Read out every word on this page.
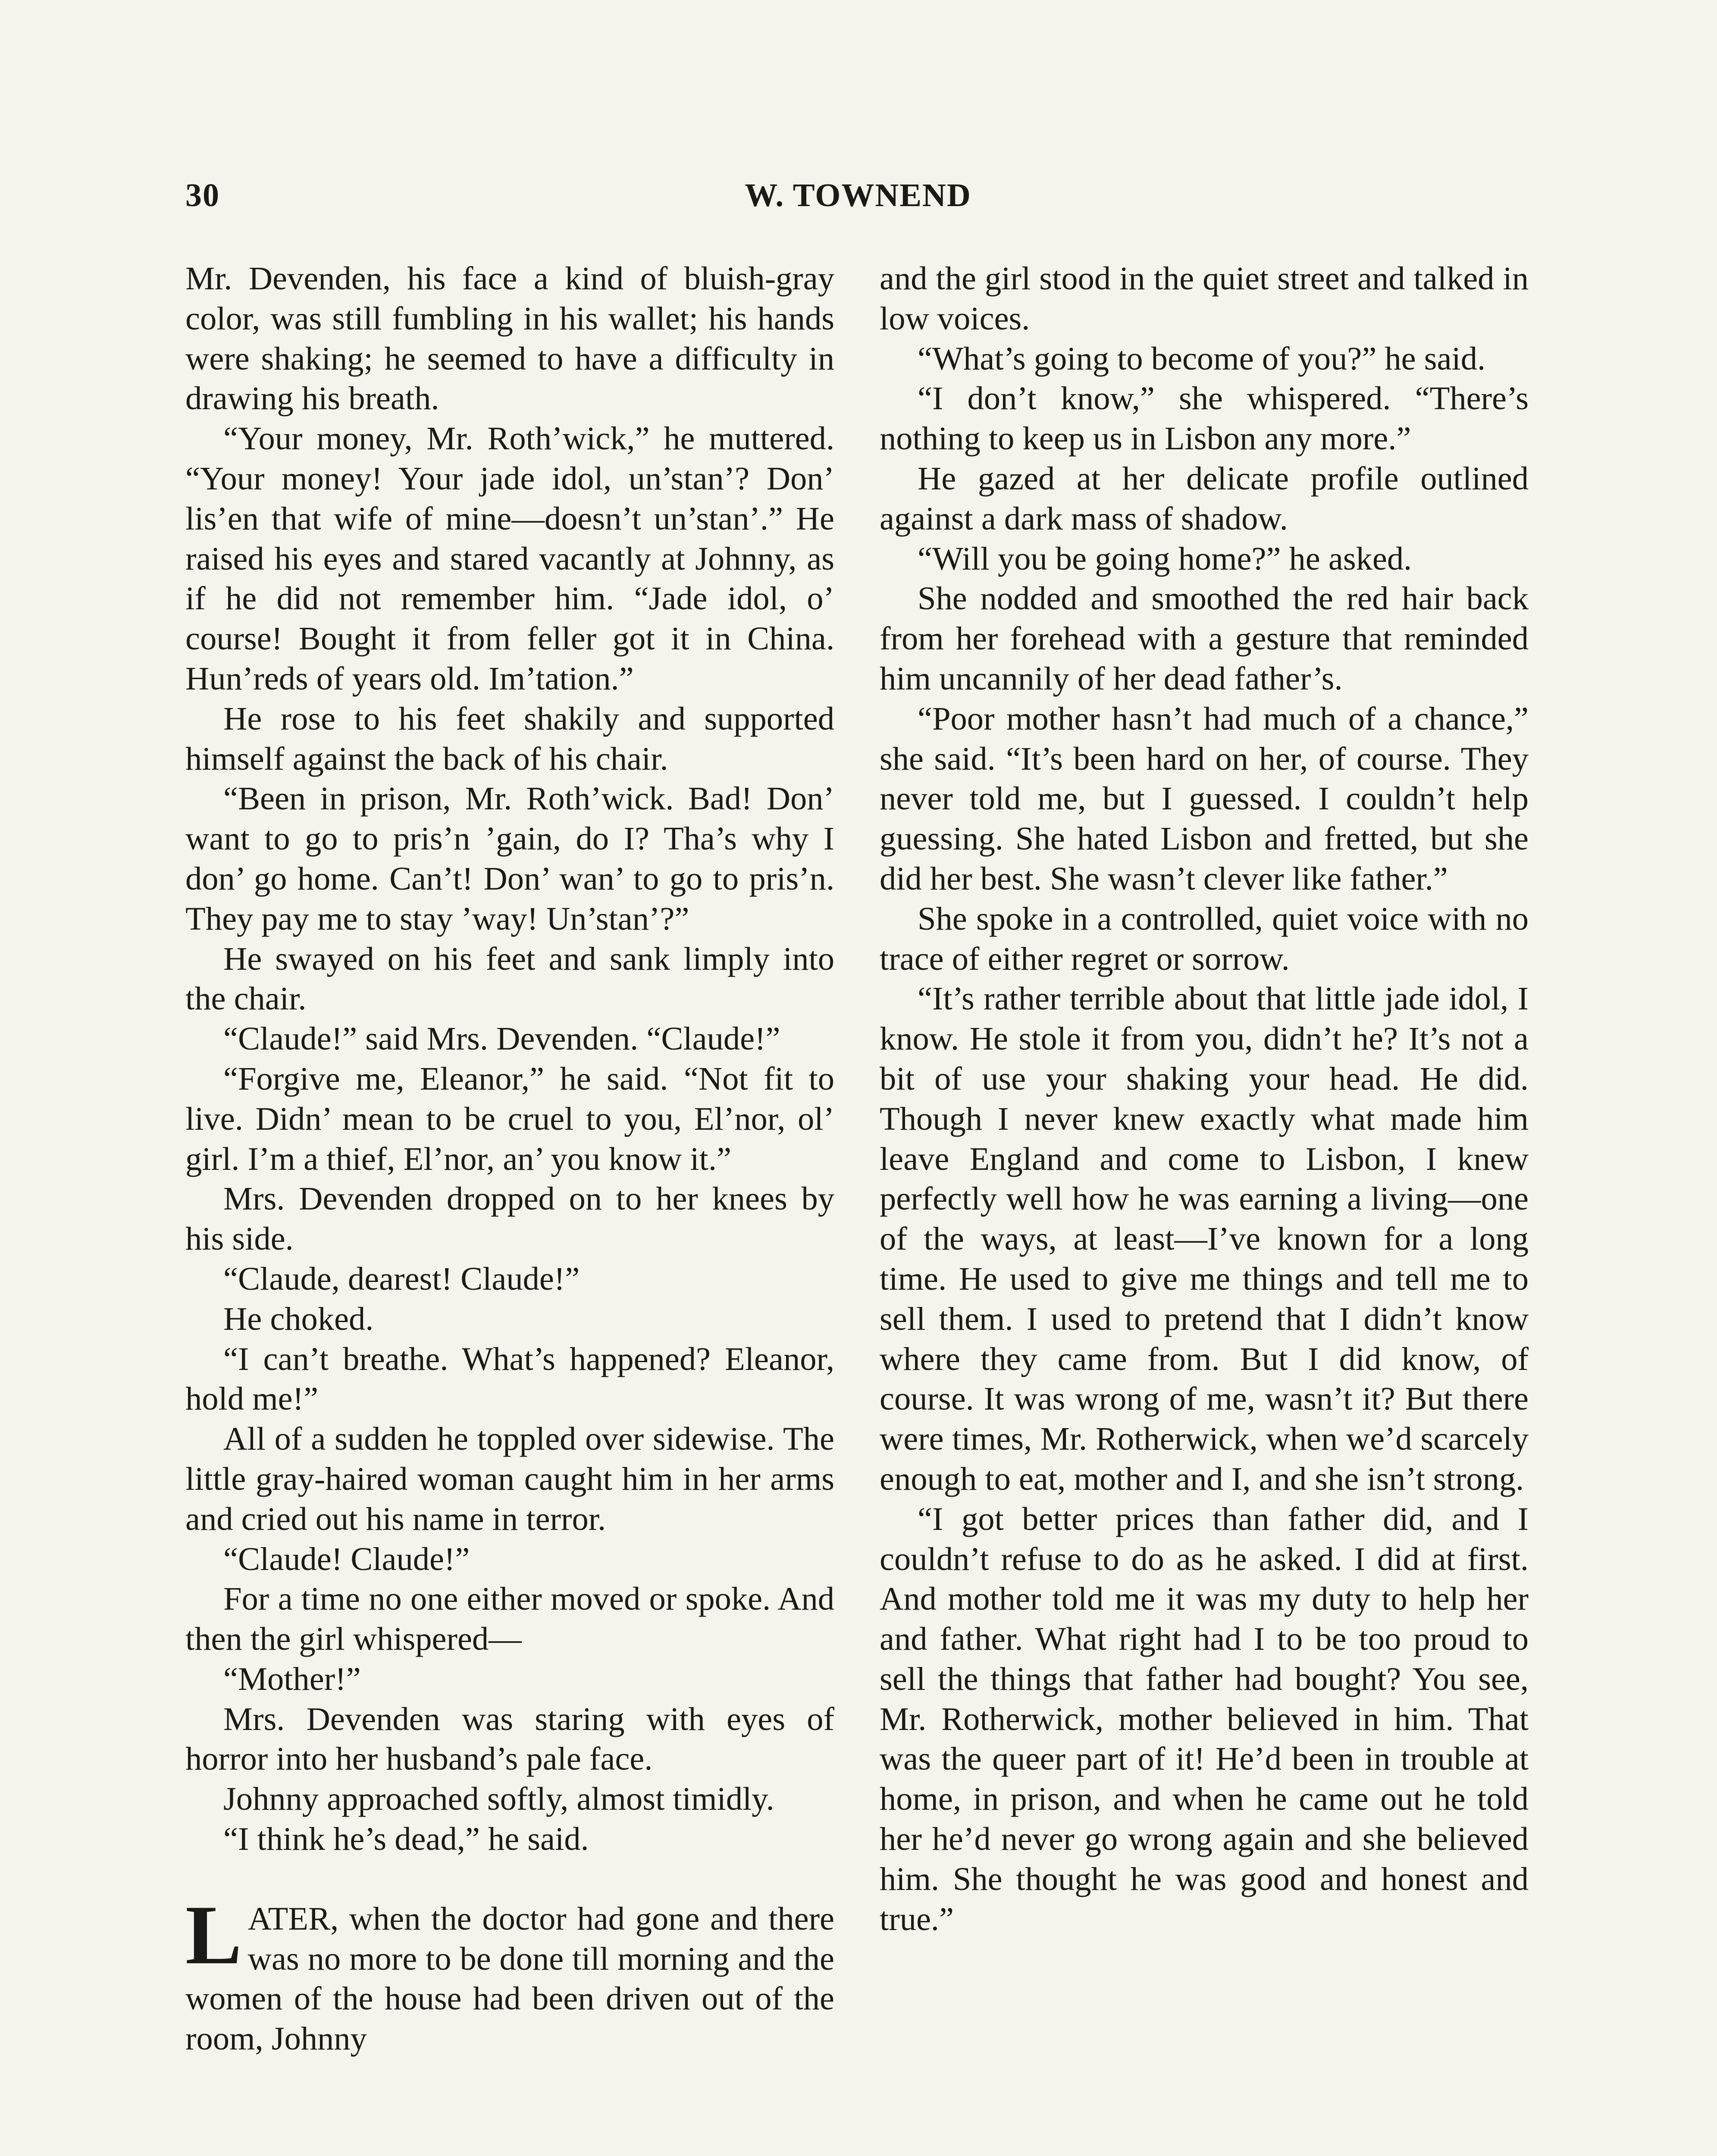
30	W. TOWNEND

Mr. Devenden, his face a kind of bluish-gray color, was still fumbling in his wallet; his hands were shaking; he seemed to have a difficulty in drawing his breath.

“Your money, Mr. Roth’wick,” he muttered. “Your money! Your jade idol, un’stan’? Don’ lis’en that wife of mine—doesn’t un’stan’.” He raised his eyes and stared vacantly at Johnny, as if he did not remember him. “Jade idol, o’ course! Bought it from feller got it in China. Hun’reds of years old. Im’tation.”

He rose to his feet shakily and supported himself against the back of his chair.

“Been in prison, Mr. Roth’wick. Bad! Don’ want to go to pris’n ’gain, do I? Tha’s why I don’ go home. Can’t! Don’ wan’ to go to pris’n. They pay me to stay ’way! Un’stan’?”

He swayed on his feet and sank limply into the chair.

“Claude!” said Mrs. Devenden. “Claude!”

“Forgive me, Eleanor,” he said. “Not fit to live. Didn’ mean to be cruel to you, El’nor, ol’ girl. I’m a thief, El’nor, an’ you know it.”

Mrs. Devenden dropped on to her knees by his side.

“Claude, dearest! Claude!”

He choked.

“I can’t breathe. What’s happened? Eleanor, hold me!”

All of a sudden he toppled over sidewise. The little gray-haired woman caught him in her arms and cried out his name in terror.

“Claude! Claude!”

For a time no one either moved or spoke. And then the girl whispered—

“Mother!”

Mrs. Devenden was staring with eyes of horror into her husband’s pale face.

Johnny approached softly, almost timidly.

“I think he’s dead,” he said.

LATER, when the doctor had gone and there was no more to be done till morning and the women of the house had been driven out of the room, Johnny

and the girl stood in the quiet street and talked in low voices.

“What’s going to become of you?” he said.

“I don’t know,” she whispered. “There’s nothing to keep us in Lisbon any more.”

He gazed at her delicate profile outlined against a dark mass of shadow.

“Will you be going home?” he asked.

She nodded and smoothed the red hair back from her forehead with a gesture that reminded him uncannily of her dead father’s.

“Poor mother hasn’t had much of a chance,” she said. “It’s been hard on her, of course. They never told me, but I guessed. I couldn’t help guessing. She hated Lisbon and fretted, but she did her best. She wasn’t clever like father.”

She spoke in a controlled, quiet voice with no trace of either regret or sorrow.

“It’s rather terrible about that little jade idol, I know. He stole it from you, didn’t he? It’s not a bit of use your shaking your head. He did. Though I never knew exactly what made him leave England and come to Lisbon, I knew perfectly well how he was earning a living—one of the ways, at least—I’ve known for a long time. He used to give me things and tell me to sell them. I used to pretend that I didn’t know where they came from. But I did know, of course. It was wrong of me, wasn’t it? But there were times, Mr. Rotherwick, when we’d scarcely enough to eat, mother and I, and she isn’t strong.

“I got better prices than father did, and I couldn’t refuse to do as he asked. I did at first. And mother told me it was my duty to help her and father. What right had I to be too proud to sell the things that father had bought? You see, Mr. Rotherwick, mother believed in him. That was the queer part of it! He’d been in trouble at home, in prison, and when he came out he told her he’d never go wrong again and she believed him. She thought he was good and honest and true.”
